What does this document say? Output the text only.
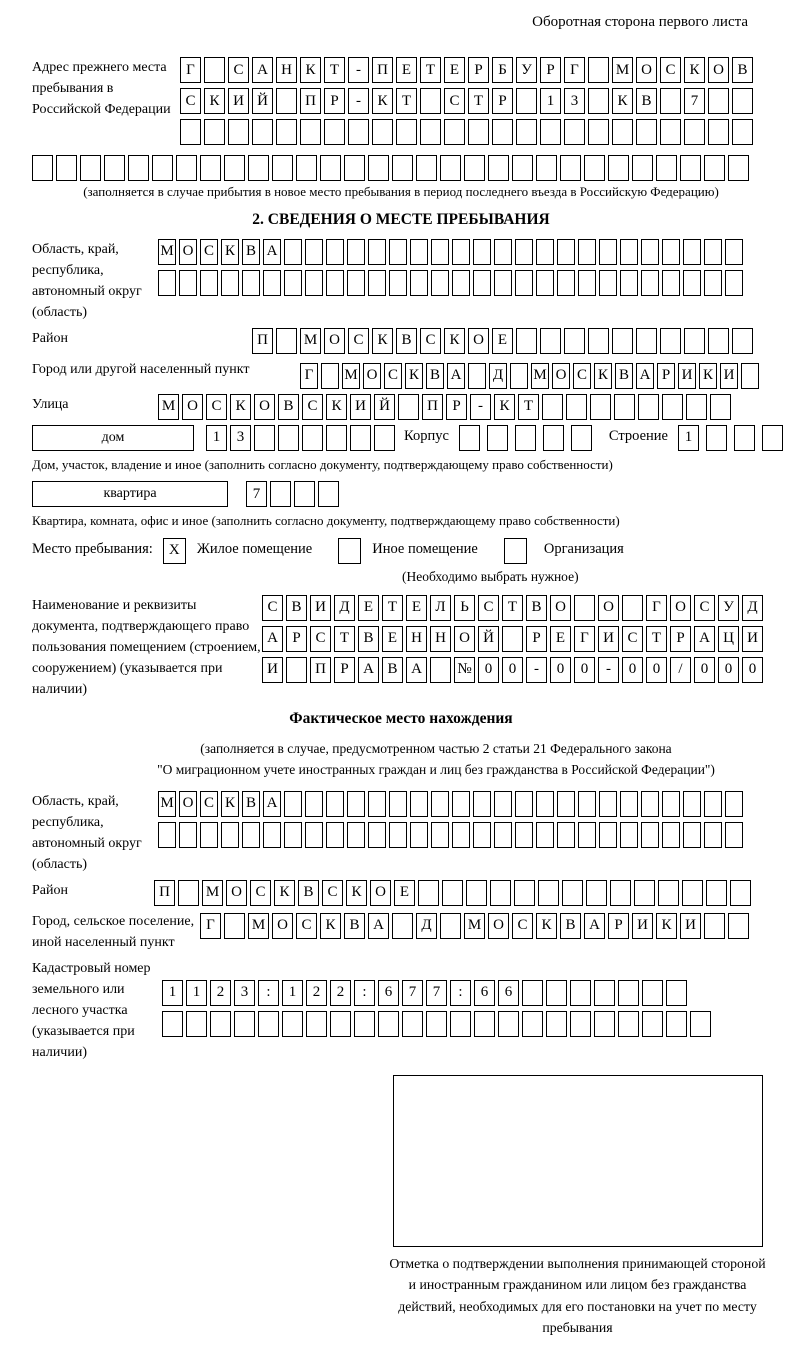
Оборотная сторона первого листа
Адрес прежнего места пребывания в Российской Федерации
Г	С А Н К Т	-	П Е Т Е	Р	Б У Р	Г	М О С К О В
С К И Й	П Р	-	К Т	С Т	Р	1	3	К В	7
(заполняется в случае прибытия в новое место пребывания в период последнего въезда в Российскую Федерацию)
2. СВЕДЕНИЯ О МЕСТЕ ПРЕБЫВАНИЯ
Область, край, республика, автономный округ (область)
М О С К В А
Район	П	М О С К В С К О Е
Город или другой населенный пункт	Г	М О С К В А Д М О С К В А Р И К И
Улица	М О С К О В С К И Й	П Р	-	К Т
дом	1	3	Корпус	Строение	1
Дом, участок, владение и иное (заполнить согласно документу, подтверждающему право собственности)
квартира	7
Квартира, комната, офис и иное (заполнить согласно документу, подтверждающему право собственности)
Место пребывания:	X	Жилое помещение	Иное помещение	Организация
(Необходимо выбрать нужное)
Наименование и реквизиты документа, подтверждающего право пользования помещением (строением, сооружением) (указывается при наличии)
С В И Д Е Т Е Л Ь С Т В О	О	Г О С У Д
А Р С Т В Е Н Н О Й	Р	Е	Г И С Т	Р А Ц И
И	П Р А В А	№ 0	0	-	0	0	-	0	0	/	0	0	0
Фактическое место нахождения
(заполняется в случае, предусмотренном частью 2 статьи 21 Федерального закона
"О миграционном учете иностранных граждан и лиц без гражданства в Российской Федерации")
Область, край, республика, автономный округ (область)
М О С К В А
Район	П	М О С К В С К О Е
Город, сельское поселение, иной населенный пункт
Г	М О С К В А	Д	М О С К В А Р И К И
Кадастровый номер земельного или лесного участка (указывается при наличии)
1	1	2	3	:	1	2	2	:	6	7	7	:	6	6
Отметка о подтверждении выполнения принимающей стороной и иностранным гражданином или лицом без гражданства действий, необходимых для его постановки на учет по месту пребывания
